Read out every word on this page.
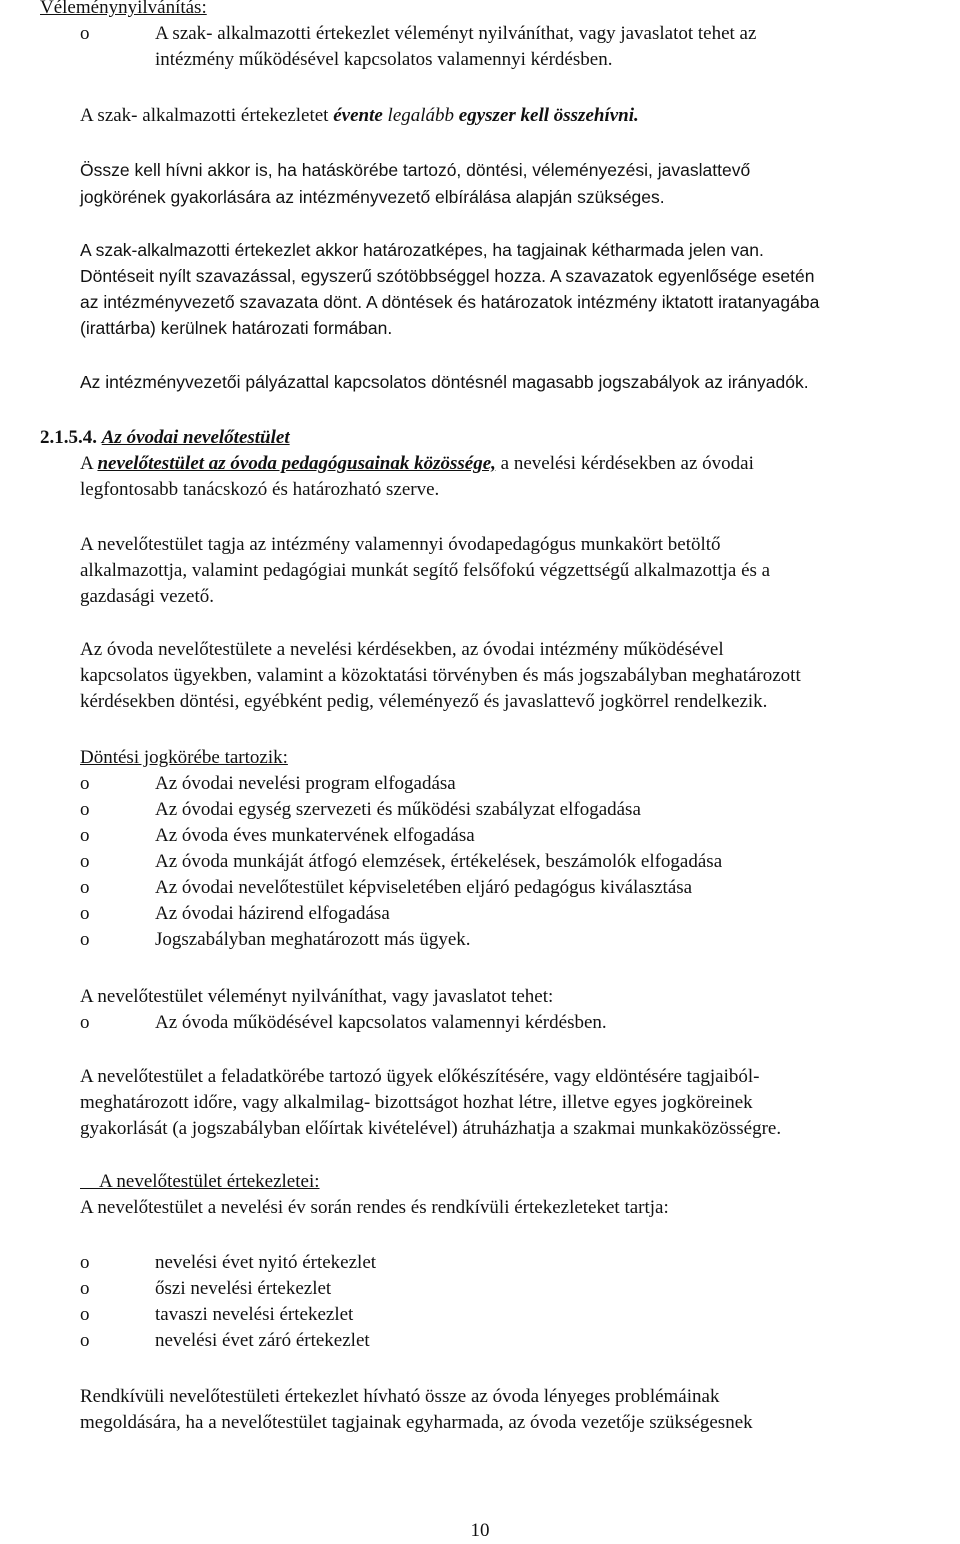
Véleménynyilvánítás:
o	A szak- alkalmazotti értekezlet véleményt nyilváníthat, vagy javaslatot tehet az
intézmény működésével kapcsolatos valamennyi kérdésben.
A szak- alkalmazotti értekezletet évente legalább egyszer kell összehívni.
Össze kell hívni akkor is, ha hatáskörébe tartozó, döntési, véleményezési, javaslattevő
jogkörének gyakorlására az intézményvezető elbírálása alapján szükséges.
A szak-alkalmazotti értekezlet akkor határozatképes, ha tagjainak kétharmada jelen van.
Döntéseit nyílt szavazással, egyszerű szótöbbséggel hozza. A szavazatok egyenlősége esetén
az intézményvezető szavazata dönt. A döntések és határozatok intézmény iktatott iratanyagába
(irattárba) kerülnek határozati formában.
Az intézményvezetői pályázattal kapcsolatos döntésnél magasabb jogszabályok az irányadók.
2.1.5.4. Az óvodai nevelőtestület
A nevelőtestület az óvoda pedagógusainak közössége, a nevelési kérdésekben az óvodai
legfontosabb tanácskozó és határozható szerve.
A nevelőtestület tagja az intézmény valamennyi óvodapedagógus munkakört betöltő
alkalmazottja, valamint pedagógiai munkát segítő felsőfokú végzettségű alkalmazottja és a
gazdasági vezető.
Az óvoda nevelőtestülete a nevelési kérdésekben, az óvodai intézmény működésével
kapcsolatos ügyekben, valamint a közoktatási törvényben és más jogszabályban meghatározott
kérdésekben döntési, egyébként pedig, véleményező és javaslattevő jogkörrel rendelkezik.
Döntési jogkörébe tartozik:
o	Az óvodai nevelési program elfogadása
o	Az óvodai egység szervezeti és működési szabályzat elfogadása
o	Az óvoda éves munkatervének elfogadása
o	Az óvoda munkáját átfogó elemzések, értékelések, beszámolók elfogadása
o	Az óvodai nevelőtestület képviseletében eljáró pedagógus kiválasztása
o	Az óvodai házirend elfogadása
o	Jogszabályban meghatározott más ügyek.
A nevelőtestület véleményt nyilváníthat, vagy javaslatot tehet:
o	Az óvoda működésével kapcsolatos valamennyi kérdésben.
A nevelőtestület a feladatkörébe tartozó ügyek előkészítésére, vagy eldöntésére tagjaiból-
meghatározott időre, vagy alkalmilag- bizottságot hozhat létre, illetve egyes jogköreinek
gyakorlását (a jogszabályban előírtak kivételével) átruházhatja a szakmai munkaközösségre.
A nevelőtestület értekezletei:
A nevelőtestület a nevelési év során rendes és rendkívüli értekezleteket tartja:
o	nevelési évet nyitó értekezlet
o	őszi nevelési értekezlet
o	tavaszi nevelési értekezlet
o	nevelési évet záró értekezlet
Rendkívüli nevelőtestületi értekezlet hívható össze az óvoda lényeges problémáinak
megoldására, ha a nevelőtestület tagjainak egyharmada, az óvoda vezetője szükségesnek
10
